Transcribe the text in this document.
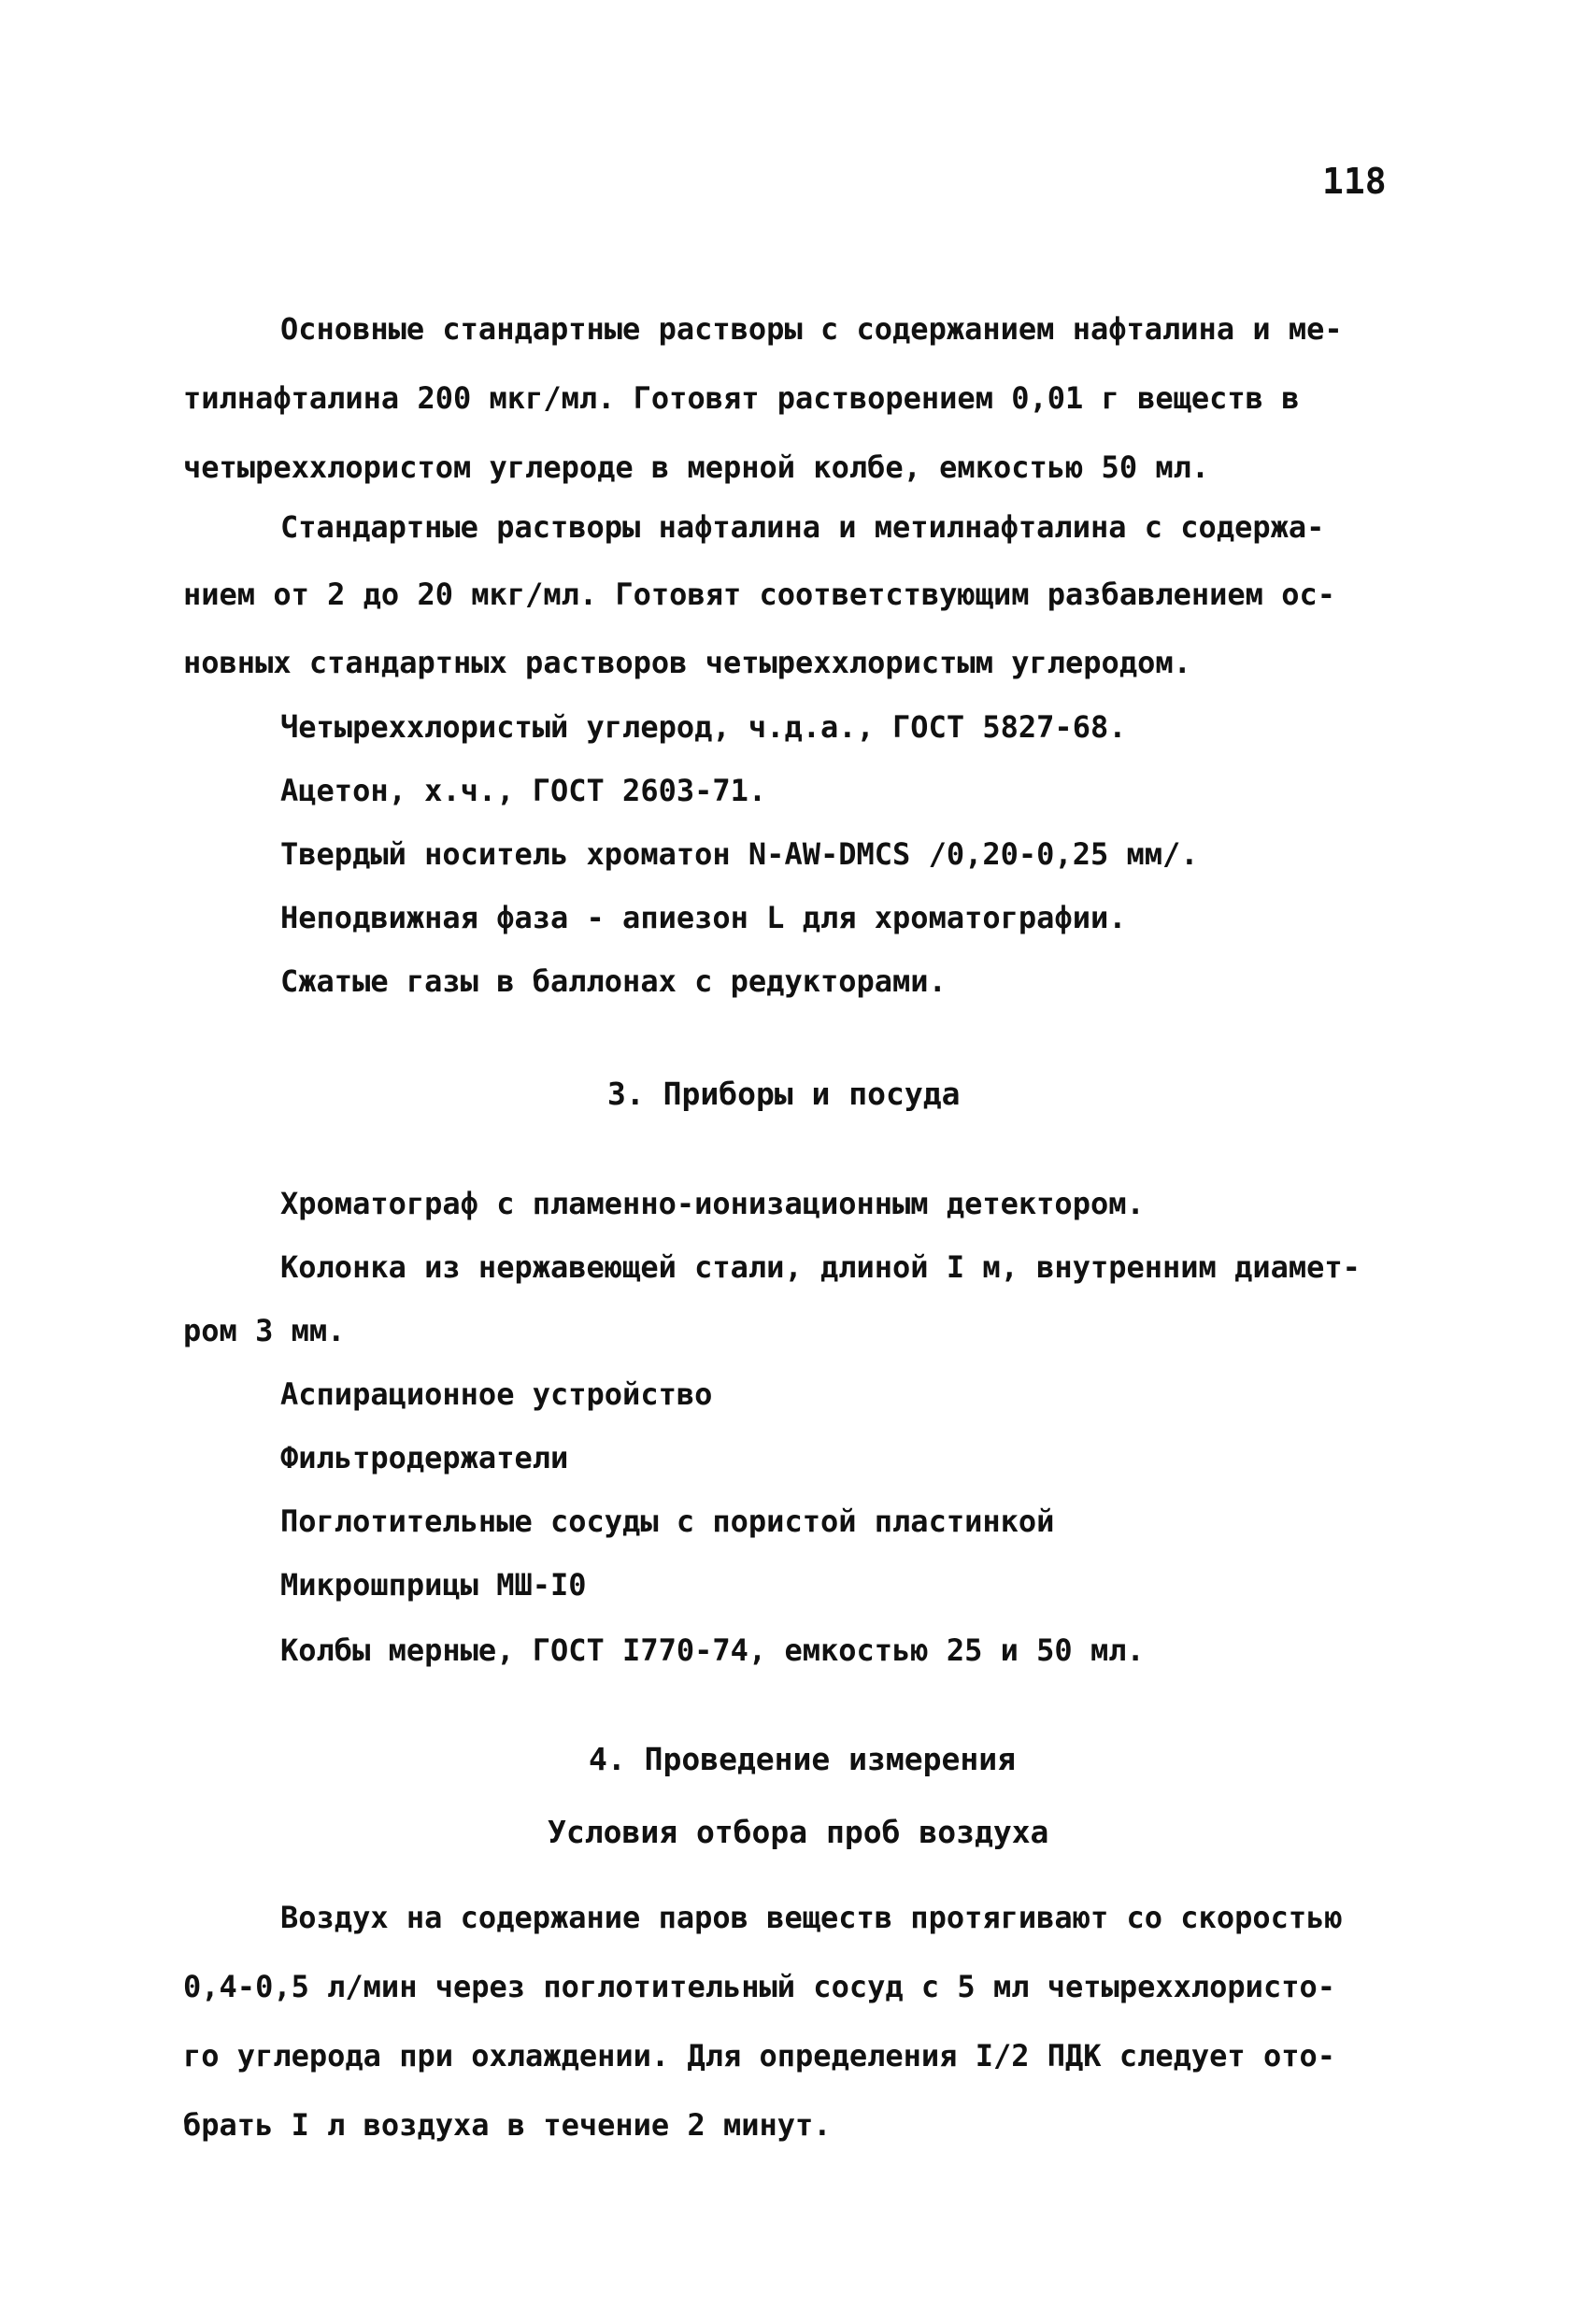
118
Основные стандартные растворы с содержанием нафталина и ме-
тилнафталина 200 мкг/мл. Готовят растворением 0,01 г веществ в
четыреххлористом углероде в мерной колбе, емкостью 50 мл.
Стандартные растворы нафталина и метилнафталина с содержа-
нием от 2 до 20 мкг/мл. Готовят соответствующим разбавлением ос-
новных стандартных растворов четыреххлористым углеродом.
Четыреххлористый углерод, ч.д.а., ГОСТ 5827-68.
Ацетон, х.ч., ГОСТ 2603-71.
Твердый носитель хроматон N-AW-DMCS /0,20-0,25 мм/.
Неподвижная фаза - апиезон L для хроматографии.
Сжатые газы в баллонах с редукторами.
3. Приборы и посуда
Хроматограф с пламенно-ионизационным детектором.
Колонка из нержавеющей стали, длиной I м, внутренним диамет-
ром 3 мм.
Аспирационное устройство
Фильтродержатели
Поглотительные сосуды с пористой пластинкой
Микрошприцы МШ-I0
Колбы мерные, ГОСТ I770-74, емкостью 25 и 50 мл.
4. Проведение измерения
Условия отбора проб воздуха
Воздух на содержание паров веществ протягивают со скоростью
0,4-0,5 л/мин через поглотительный сосуд с 5 мл четыреххлористо-
го углерода при охлаждении. Для определения I/2 ПДК следует ото-
брать I л воздуха в течение 2 минут.
